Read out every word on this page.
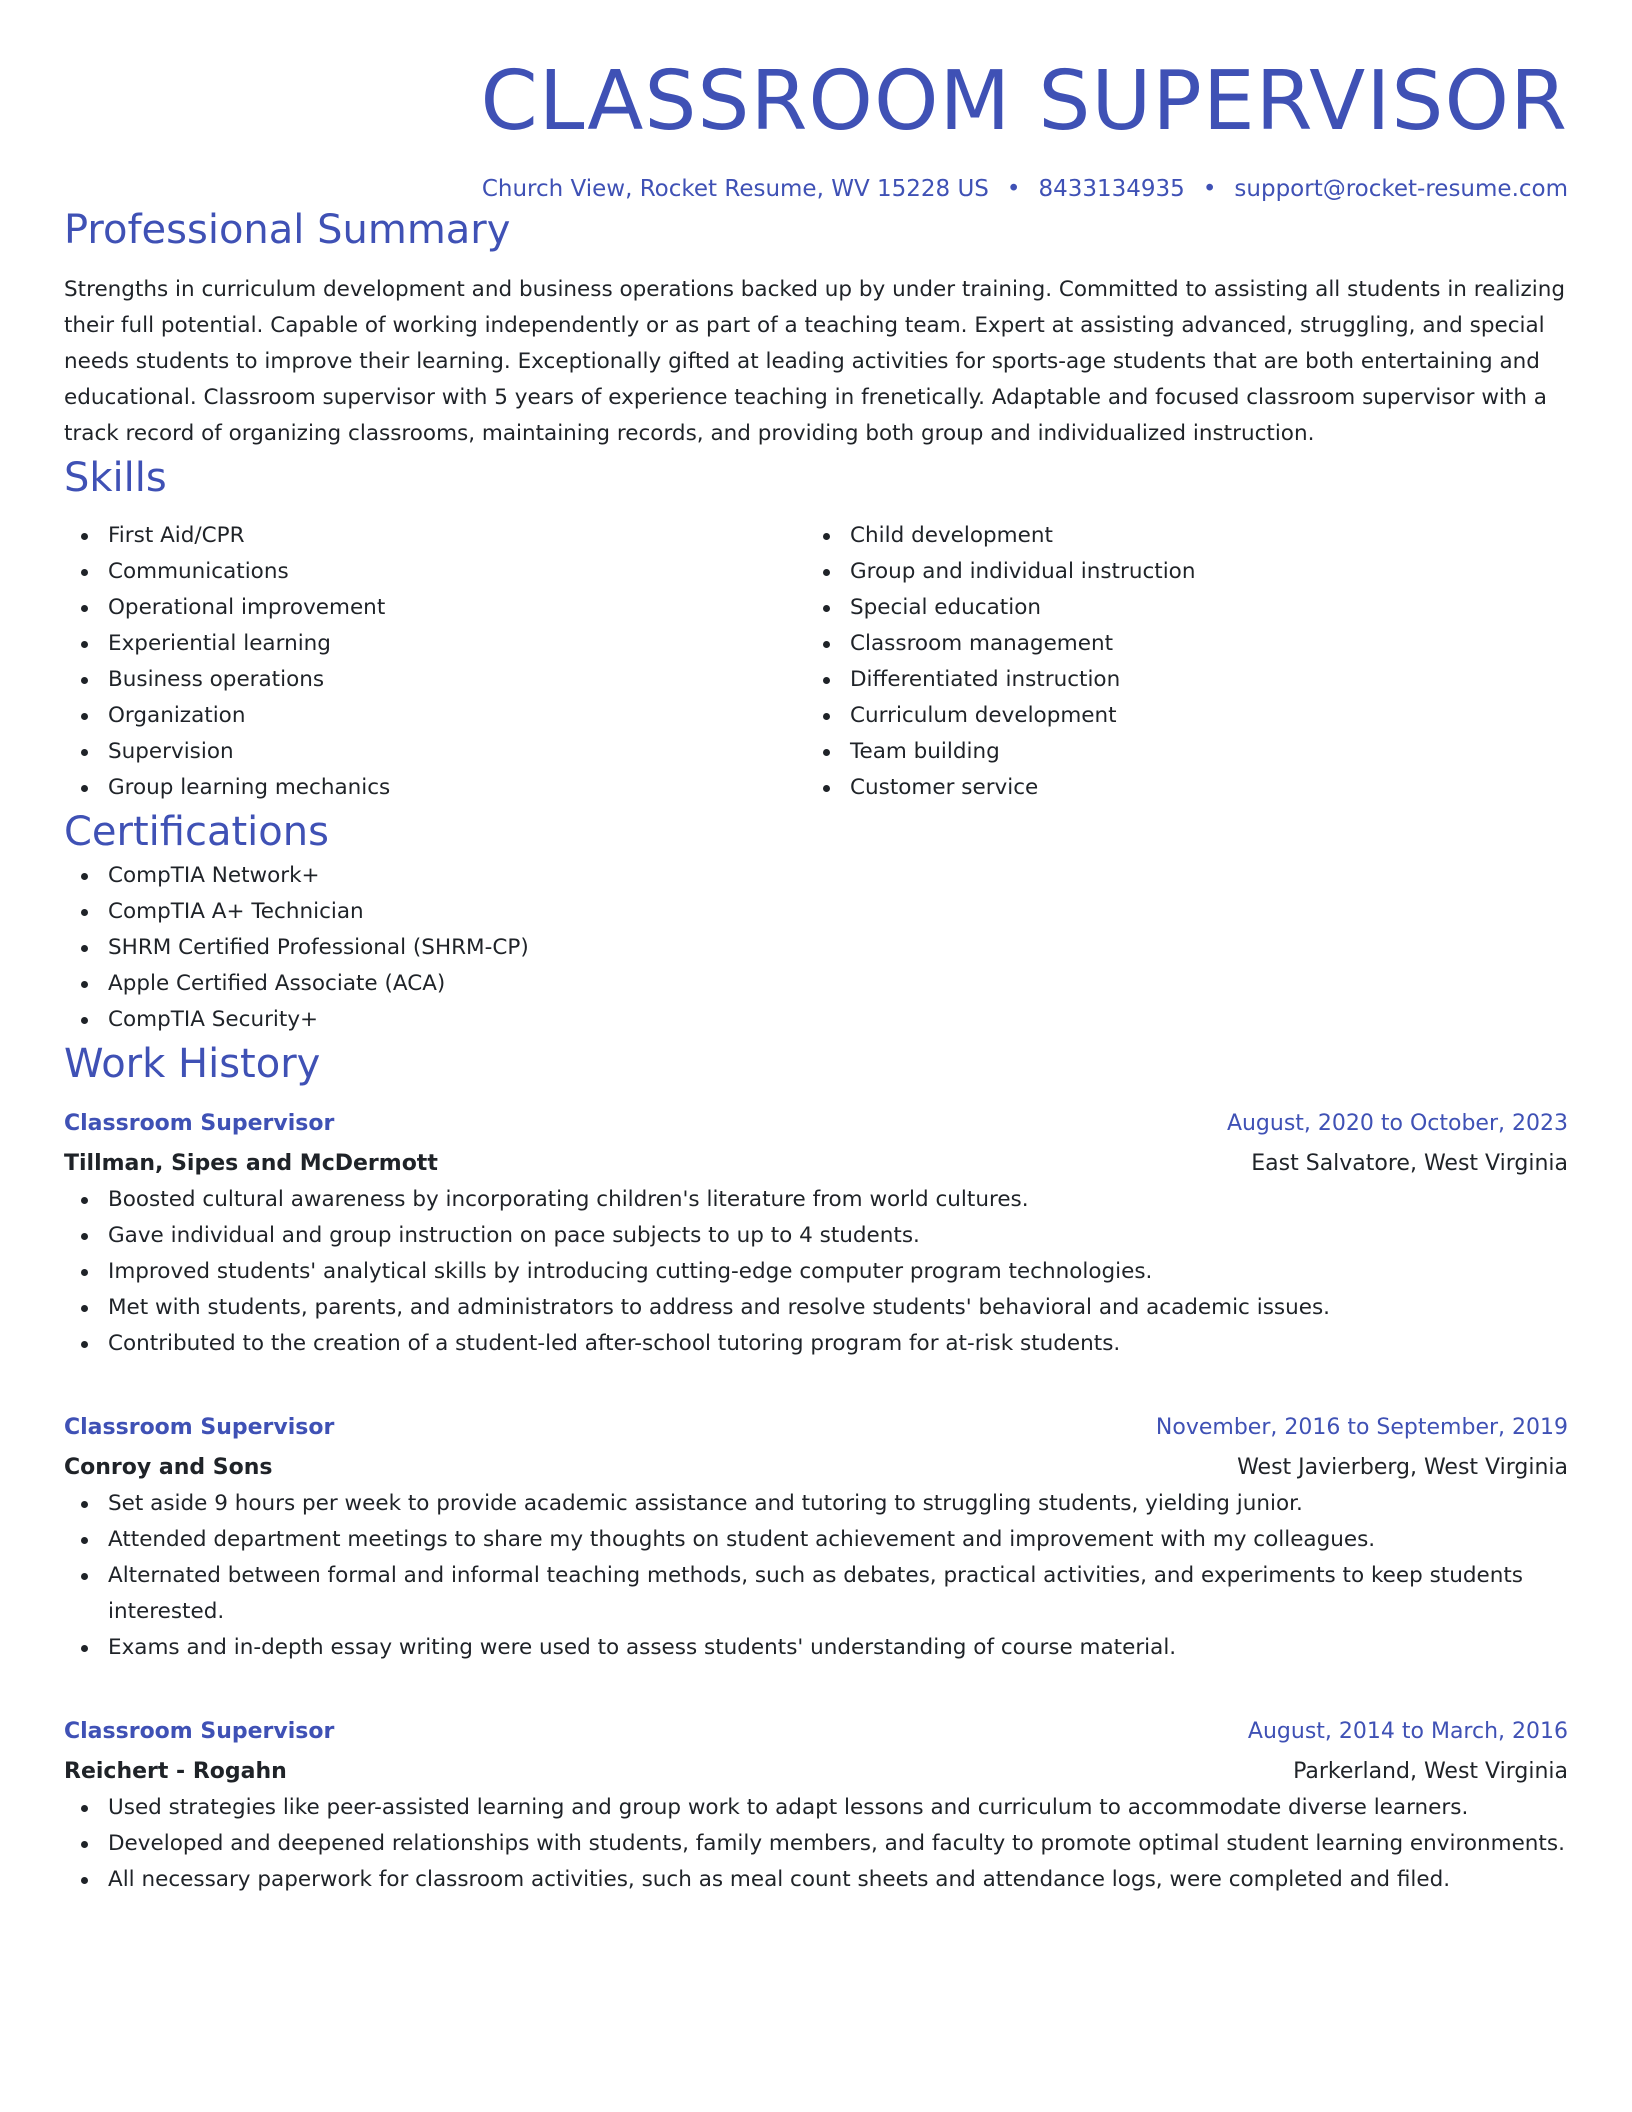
CLASSROOM SUPERVISOR
Church View, Rocket Resume, WV 15228 US • 8433134935 • support@rocket-resume.com
Professional Summary
Strengths in curriculum development and business operations backed up by under training. Committed to assisting all students in realizing their full potential. Capable of working independently or as part of a teaching team. Expert at assisting advanced, struggling, and special needs students to improve their learning. Exceptionally gifted at leading activities for sports-age students that are both entertaining and educational. Classroom supervisor with 5 years of experience teaching in frenetically. Adaptable and focused classroom supervisor with a track record of organizing classrooms, maintaining records, and providing both group and individualized instruction.
Skills
First Aid/CPR
Communications
Operational improvement
Experiential learning
Business operations
Organization
Supervision
Group learning mechanics
Child development
Group and individual instruction
Special education
Classroom management
Differentiated instruction
Curriculum development
Team building
Customer service
Certifications
CompTIA Network+
CompTIA A+ Technician
SHRM Certified Professional (SHRM-CP)
Apple Certified Associate (ACA)
CompTIA Security+
Work History
Classroom Supervisor	August, 2020 to October, 2023
Tillman, Sipes and McDermott	East Salvatore, West Virginia
Boosted cultural awareness by incorporating children's literature from world cultures.
Gave individual and group instruction on pace subjects to up to 4 students.
Improved students' analytical skills by introducing cutting-edge computer program technologies.
Met with students, parents, and administrators to address and resolve students' behavioral and academic issues.
Contributed to the creation of a student-led after-school tutoring program for at-risk students.
Classroom Supervisor	November, 2016 to September, 2019
Conroy and Sons	West Javierberg, West Virginia
Set aside 9 hours per week to provide academic assistance and tutoring to struggling students, yielding junior.
Attended department meetings to share my thoughts on student achievement and improvement with my colleagues.
Alternated between formal and informal teaching methods, such as debates, practical activities, and experiments to keep students interested.
Exams and in-depth essay writing were used to assess students' understanding of course material.
Classroom Supervisor	August, 2014 to March, 2016
Reichert - Rogahn	Parkerland, West Virginia
Used strategies like peer-assisted learning and group work to adapt lessons and curriculum to accommodate diverse learners.
Developed and deepened relationships with students, family members, and faculty to promote optimal student learning environments.
All necessary paperwork for classroom activities, such as meal count sheets and attendance logs, were completed and filed.
